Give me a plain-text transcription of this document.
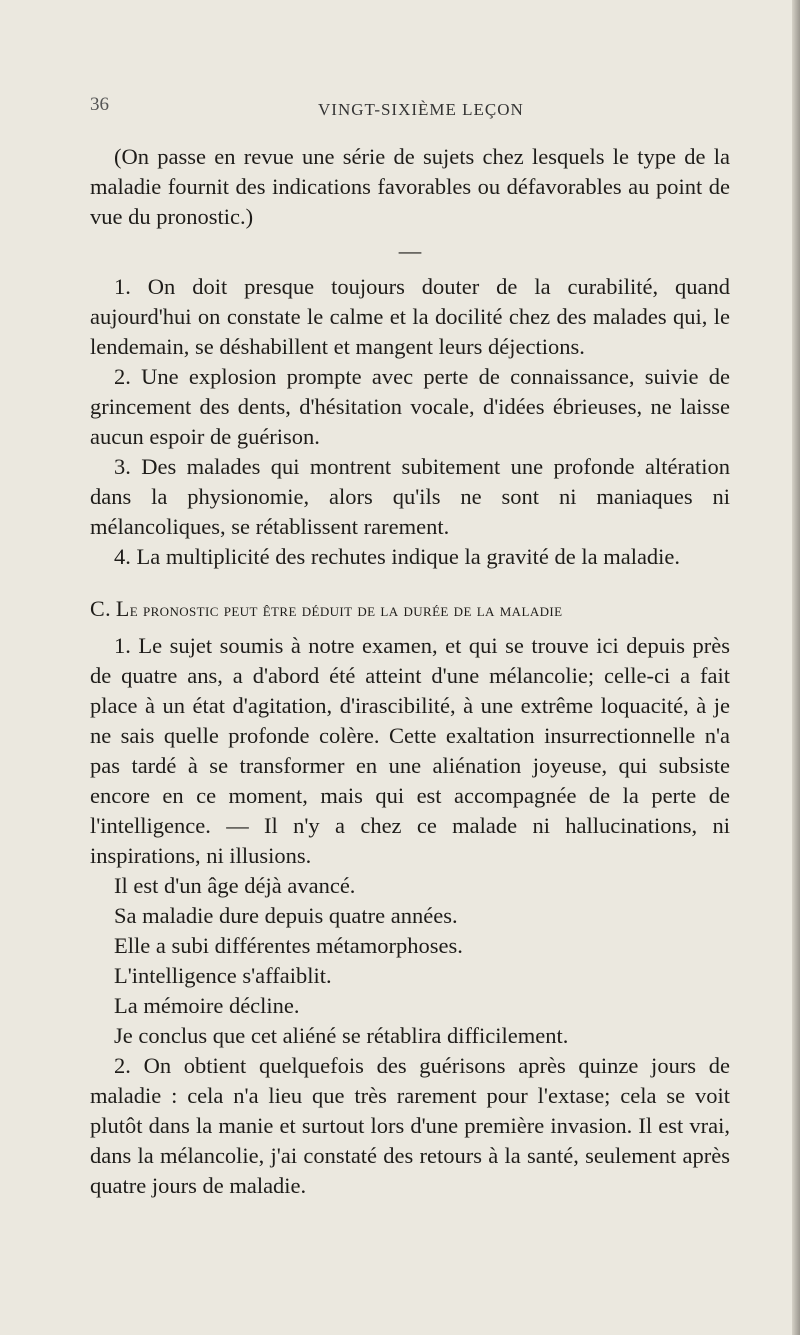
36	VINGT-SIXIÈME LEÇON

(On passe en revue une série de sujets chez lesquels le type de la maladie fournit des indications favorables ou défavorables au point de vue du pronostic.)

—

1. On doit presque toujours douter de la curabilité, quand aujourd'hui on constate le calme et la docilité chez des malades qui, le lendemain, se déshabillent et mangent leurs déjections.

2. Une explosion prompte avec perte de connaissance, suivie de grincement des dents, d'hésitation vocale, d'idées ébrieuses, ne laisse aucun espoir de guérison.

3. Des malades qui montrent subitement une profonde altération dans la physionomie, alors qu'ils ne sont ni maniaques ni mélancoliques, se rétablissent rarement.

4. La multiplicité des rechutes indique la gravité de la maladie.

C. Le pronostic peut être déduit de la durée de la maladie

1. Le sujet soumis à notre examen, et qui se trouve ici depuis près de quatre ans, a d'abord été atteint d'une mélancolie; celle-ci a fait place à un état d'agitation, d'irascibilité, à une extrême loquacité, à je ne sais quelle profonde colère. Cette exaltation insurrectionnelle n'a pas tardé à se transformer en une aliénation joyeuse, qui subsiste encore en ce moment, mais qui est accompagnée de la perte de l'intelligence. — Il n'y a chez ce malade ni hallucinations, ni inspirations, ni illusions.

Il est d'un âge déjà avancé.

Sa maladie dure depuis quatre années.

Elle a subi différentes métamorphoses.

L'intelligence s'affaiblit.

La mémoire décline.

Je conclus que cet aliéné se rétablira difficilement.

2. On obtient quelquefois des guérisons après quinze jours de maladie : cela n'a lieu que très rarement pour l'extase; cela se voit plutôt dans la manie et surtout lors d'une première invasion. Il est vrai, dans la mélancolie, j'ai constaté des retours à la santé, seulement après quatre jours de maladie.
